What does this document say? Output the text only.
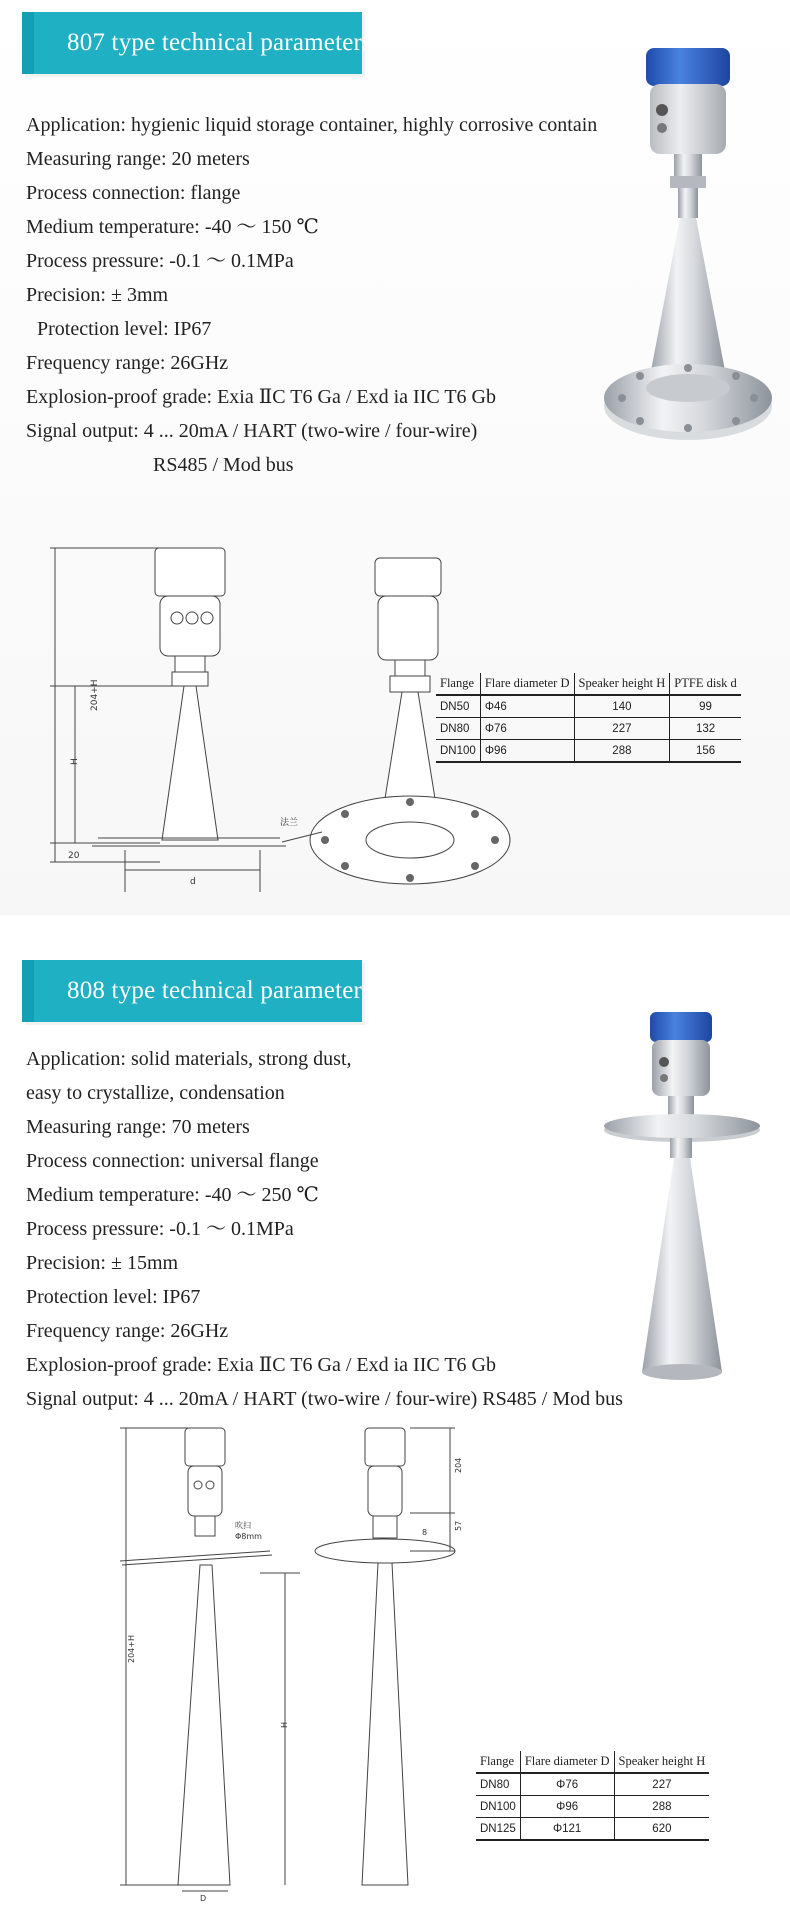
807 type technical parameters
Application: hygienic liquid storage container, highly corrosive contain
Measuring range: 20 meters
Process connection: flange
Medium temperature: -40 〜 150 ℃
Process pressure: -0.1 〜 0.1MPa
Precision: ± 3mm
Protection level: IP67
Frequency range: 26GHz
Explosion-proof grade: Exia ⅡC T6 Ga / Exd ia IIC T6 Gb
Signal output: 4 ... 20mA / HART (two-wire / four-wire)
RS485 / Mod bus
204+H
H
20
d
法兰
Flange	Flare diameter D	Speaker height H	PTFE disk d
DN50	Φ46	140	99
DN80	Φ76	227	132
DN100	Φ96	288	156
808 type technical parameters
Application: solid materials, strong dust,
easy to crystallize, condensation
Measuring range: 70 meters
Process connection: universal flange
Medium temperature: -40 〜 250 ℃
Process pressure: -0.1 〜 0.1MPa
Precision: ± 15mm
Protection level: IP67
Frequency range: 26GHz
Explosion-proof grade: Exia ⅡC T6 Ga / Exd ia IIC T6 Gb
Signal output: 4 ... 20mA / HART (two-wire / four-wire) RS485 / Mod bus
204+H
H
D
204
57
8
吹扫
Φ8mm
Flange	Flare diameter D	Speaker height H
DN80	Φ76	227
DN100	Φ96	288
DN125	Φ121	620
